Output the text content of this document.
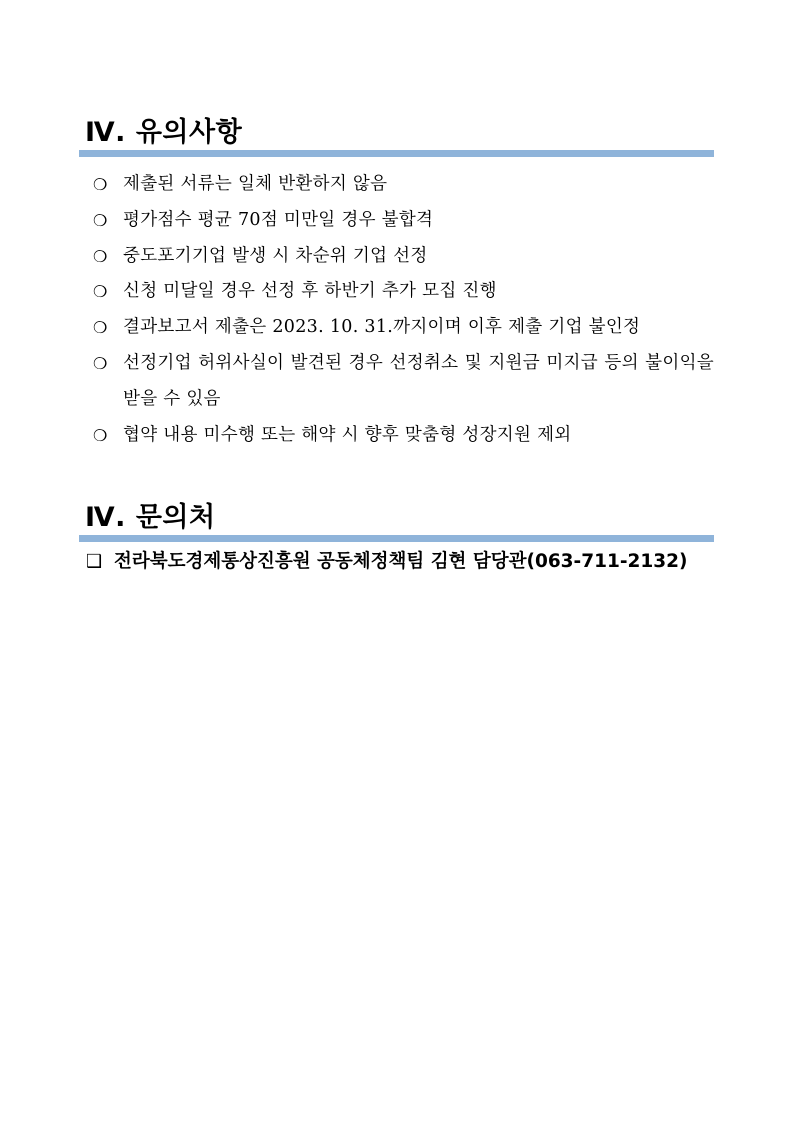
Ⅳ. 유의사항
❍ 제출된 서류는 일체 반환하지 않음
❍ 평가점수 평균 70점 미만일 경우 불합격
❍ 중도포기기업 발생 시 차순위 기업 선정
❍ 신청 미달일 경우 선정 후 하반기 추가 모집 진행
❍ 결과보고서 제출은 2023. 10. 31.까지이며 이후 제출 기업 불인정
❍ 선정기업 허위사실이 발견된 경우 선정취소 및 지원금 미지급 등의 불이익을 받을 수 있음
❍ 협약 내용 미수행 또는 해약 시 향후 맞춤형 성장지원 제외
Ⅳ. 문의처
❑ 전라북도경제통상진흥원 공동체정책팀 김현 담당관(063-711-2132)
